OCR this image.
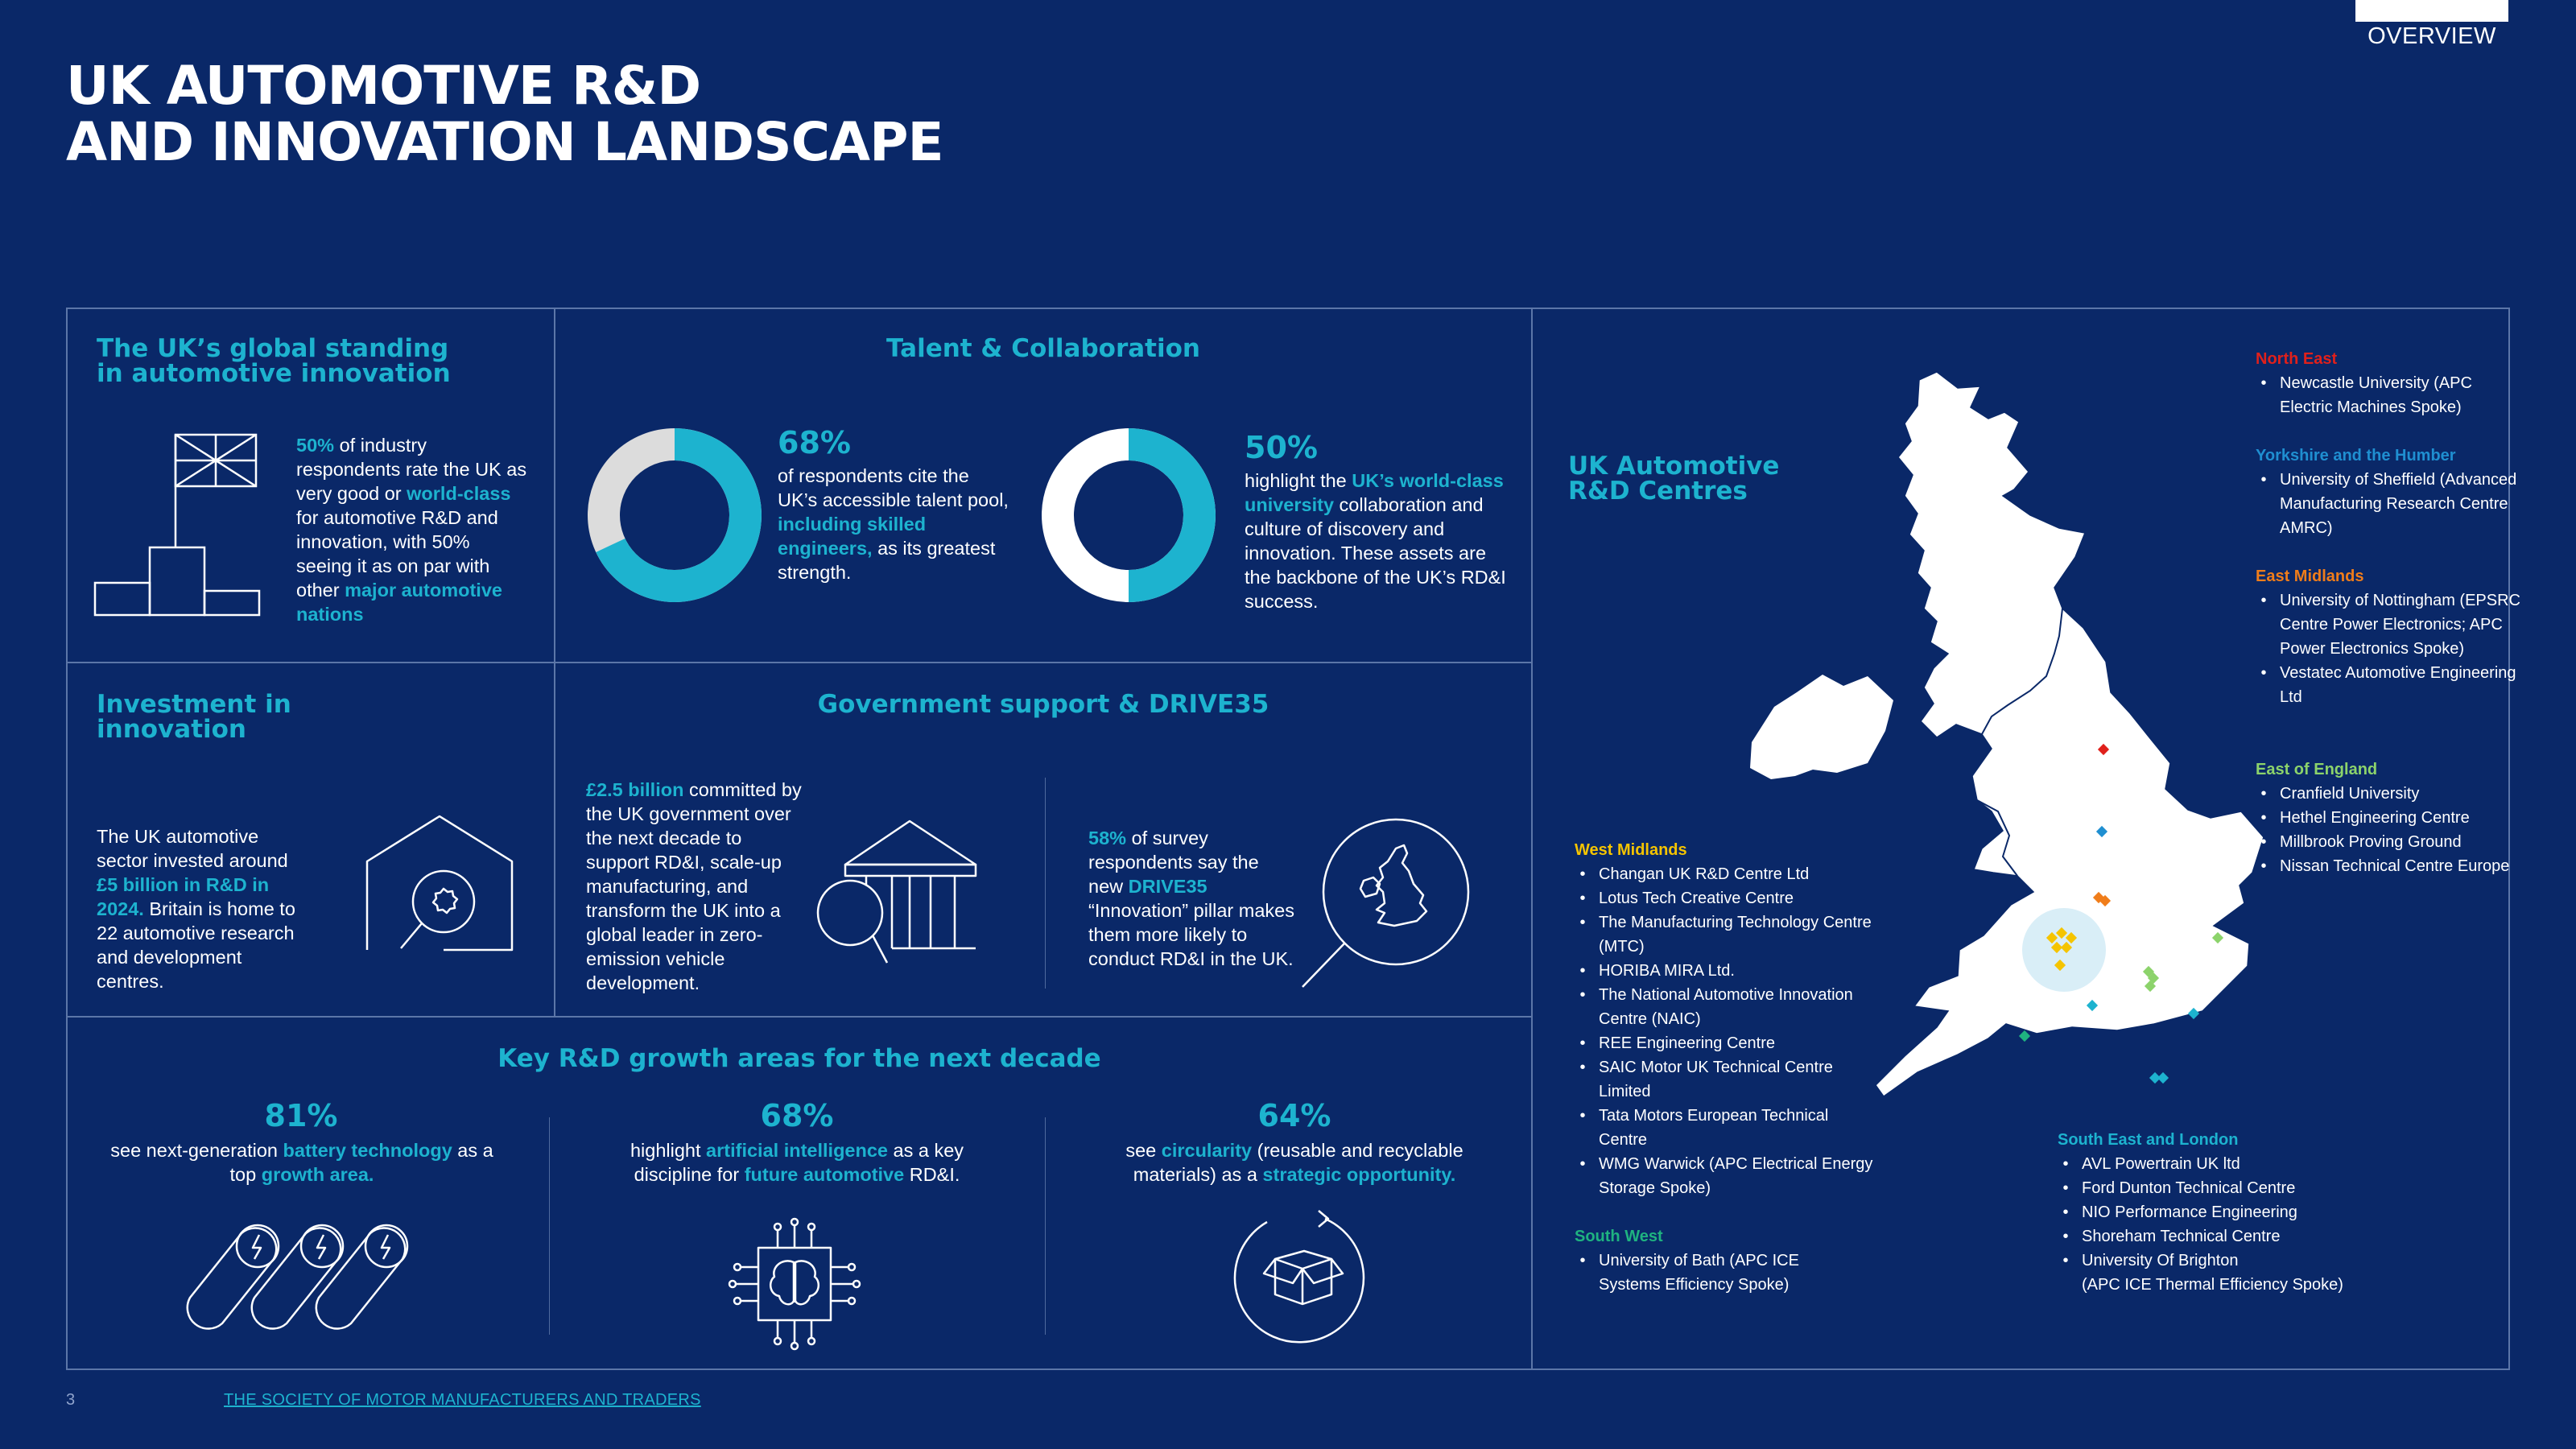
OVERVIEW
UK AUTOMOTIVE R&D
AND INNOVATION LANDSCAPE
The UK’s global standing
in automotive innovation
50% of industry respondents rate the UK as very good or world-class for automotive R&D and innovation, with 50% seeing it as on par with other major automotive nations
Talent & Collaboration
68%
of respondents cite the UK’s accessible talent pool, including skilled engineers, as its greatest strength.
50%
highlight the UK’s world-class university collaboration and culture of discovery and innovation. These assets are the backbone of the UK’s RD&I success.
Investment in
innovation
The UK automotive sector invested around £5 billion in R&D in 2024. Britain is home to 22 automotive research and development centres.
Government support & DRIVE35
£2.5 billion committed by the UK government over the next decade to support RD&I, scale-up manufacturing, and transform the UK into a global leader in zero-emission vehicle development.
58% of survey respondents say the new DRIVE35 “Innovation” pillar makes them more likely to conduct RD&I in the UK.
Key R&D growth areas for the next decade
81%
see next-generation battery technology as a top growth area.
68%
highlight artificial intelligence as a key discipline for future automotive RD&I.
64%
see circularity (reusable and recyclable materials) as a strategic opportunity.
UK Automotive
R&D Centres
North East
• Newcastle University (APC Electric Machines Spoke)
Yorkshire and the Humber
• University of Sheffield (Advanced Manufacturing Research Centre AMRC)
East Midlands
• University of Nottingham (EPSRC Centre Power Electronics; APC Power Electronics Spoke)
• Vestatec Automotive Engineering Ltd
East of England
• Cranfield University
• Hethel Engineering Centre
• Millbrook Proving Ground
• Nissan Technical Centre Europe
West Midlands
• Changan UK R&D Centre Ltd
• Lotus Tech Creative Centre
• The Manufacturing Technology Centre (MTC)
• HORIBA MIRA Ltd.
• The National Automotive Innovation Centre (NAIC)
• REE Engineering Centre
• SAIC Motor UK Technical Centre Limited
• Tata Motors European Technical Centre
• WMG Warwick (APC Electrical Energy Storage Spoke)
South West
• University of Bath (APC ICE Systems Efficiency Spoke)
South East and London
• AVL Powertrain UK ltd
• Ford Dunton Technical Centre
• NIO Performance Engineering
• Shoreham Technical Centre
• University Of Brighton
(APC ICE Thermal Efficiency Spoke)
3	THE SOCIETY OF MOTOR MANUFACTURERS AND TRADERS
